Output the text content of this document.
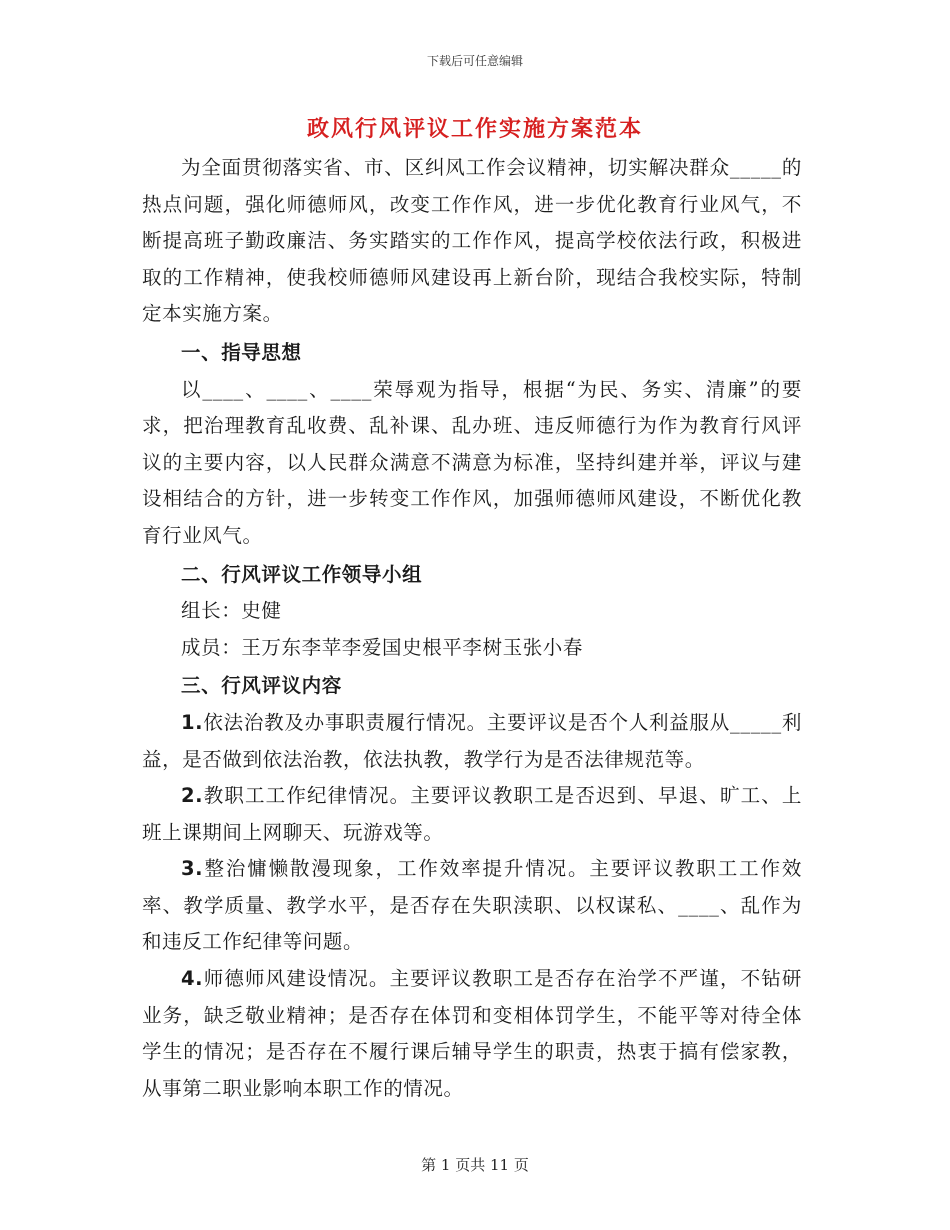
下载后可任意编辑
政风行风评议工作实施方案范本

为全面贯彻落实省、市、区纠风工作会议精神，切实解决群众_____的热点问题，强化师德师风，改变工作作风，进一步优化教育行业风气，不断提高班子勤政廉洁、务实踏实的工作作风，提高学校依法行政，积极进取的工作精神，使我校师德师风建设再上新台阶，现结合我校实际，特制定本实施方案。

一、指导思想

以____、____、____荣辱观为指导，根据“为民、务实、清廉”的要求，把治理教育乱收费、乱补课、乱办班、违反师德行为作为教育行风评议的主要内容，以人民群众满意不满意为标准，坚持纠建并举，评议与建设相结合的方针，进一步转变工作作风，加强师德师风建设，不断优化教育行业风气。

二、行风评议工作领导小组

组长：史健

成员：王万东李苹李爱国史根平李树玉张小春

三、行风评议内容

1.依法治教及办事职责履行情况。主要评议是否个人利益服从_____利益，是否做到依法治教，依法执教，教学行为是否法律规范等。

2.教职工工作纪律情况。主要评议教职工是否迟到、早退、旷工、上班上课期间上网聊天、玩游戏等。

3.整治慵懒散漫现象，工作效率提升情况。主要评议教职工工作效率、教学质量、教学水平，是否存在失职渎职、以权谋私、____、乱作为和违反工作纪律等问题。

4.师德师风建设情况。主要评议教职工是否存在治学不严谨，不钻研业务，缺乏敬业精神；是否存在体罚和变相体罚学生，不能平等对待全体学生的情况；是否存在不履行课后辅导学生的职责，热衷于搞有偿家教，从事第二职业影响本职工作的情况。

第 1 页共 11 页
